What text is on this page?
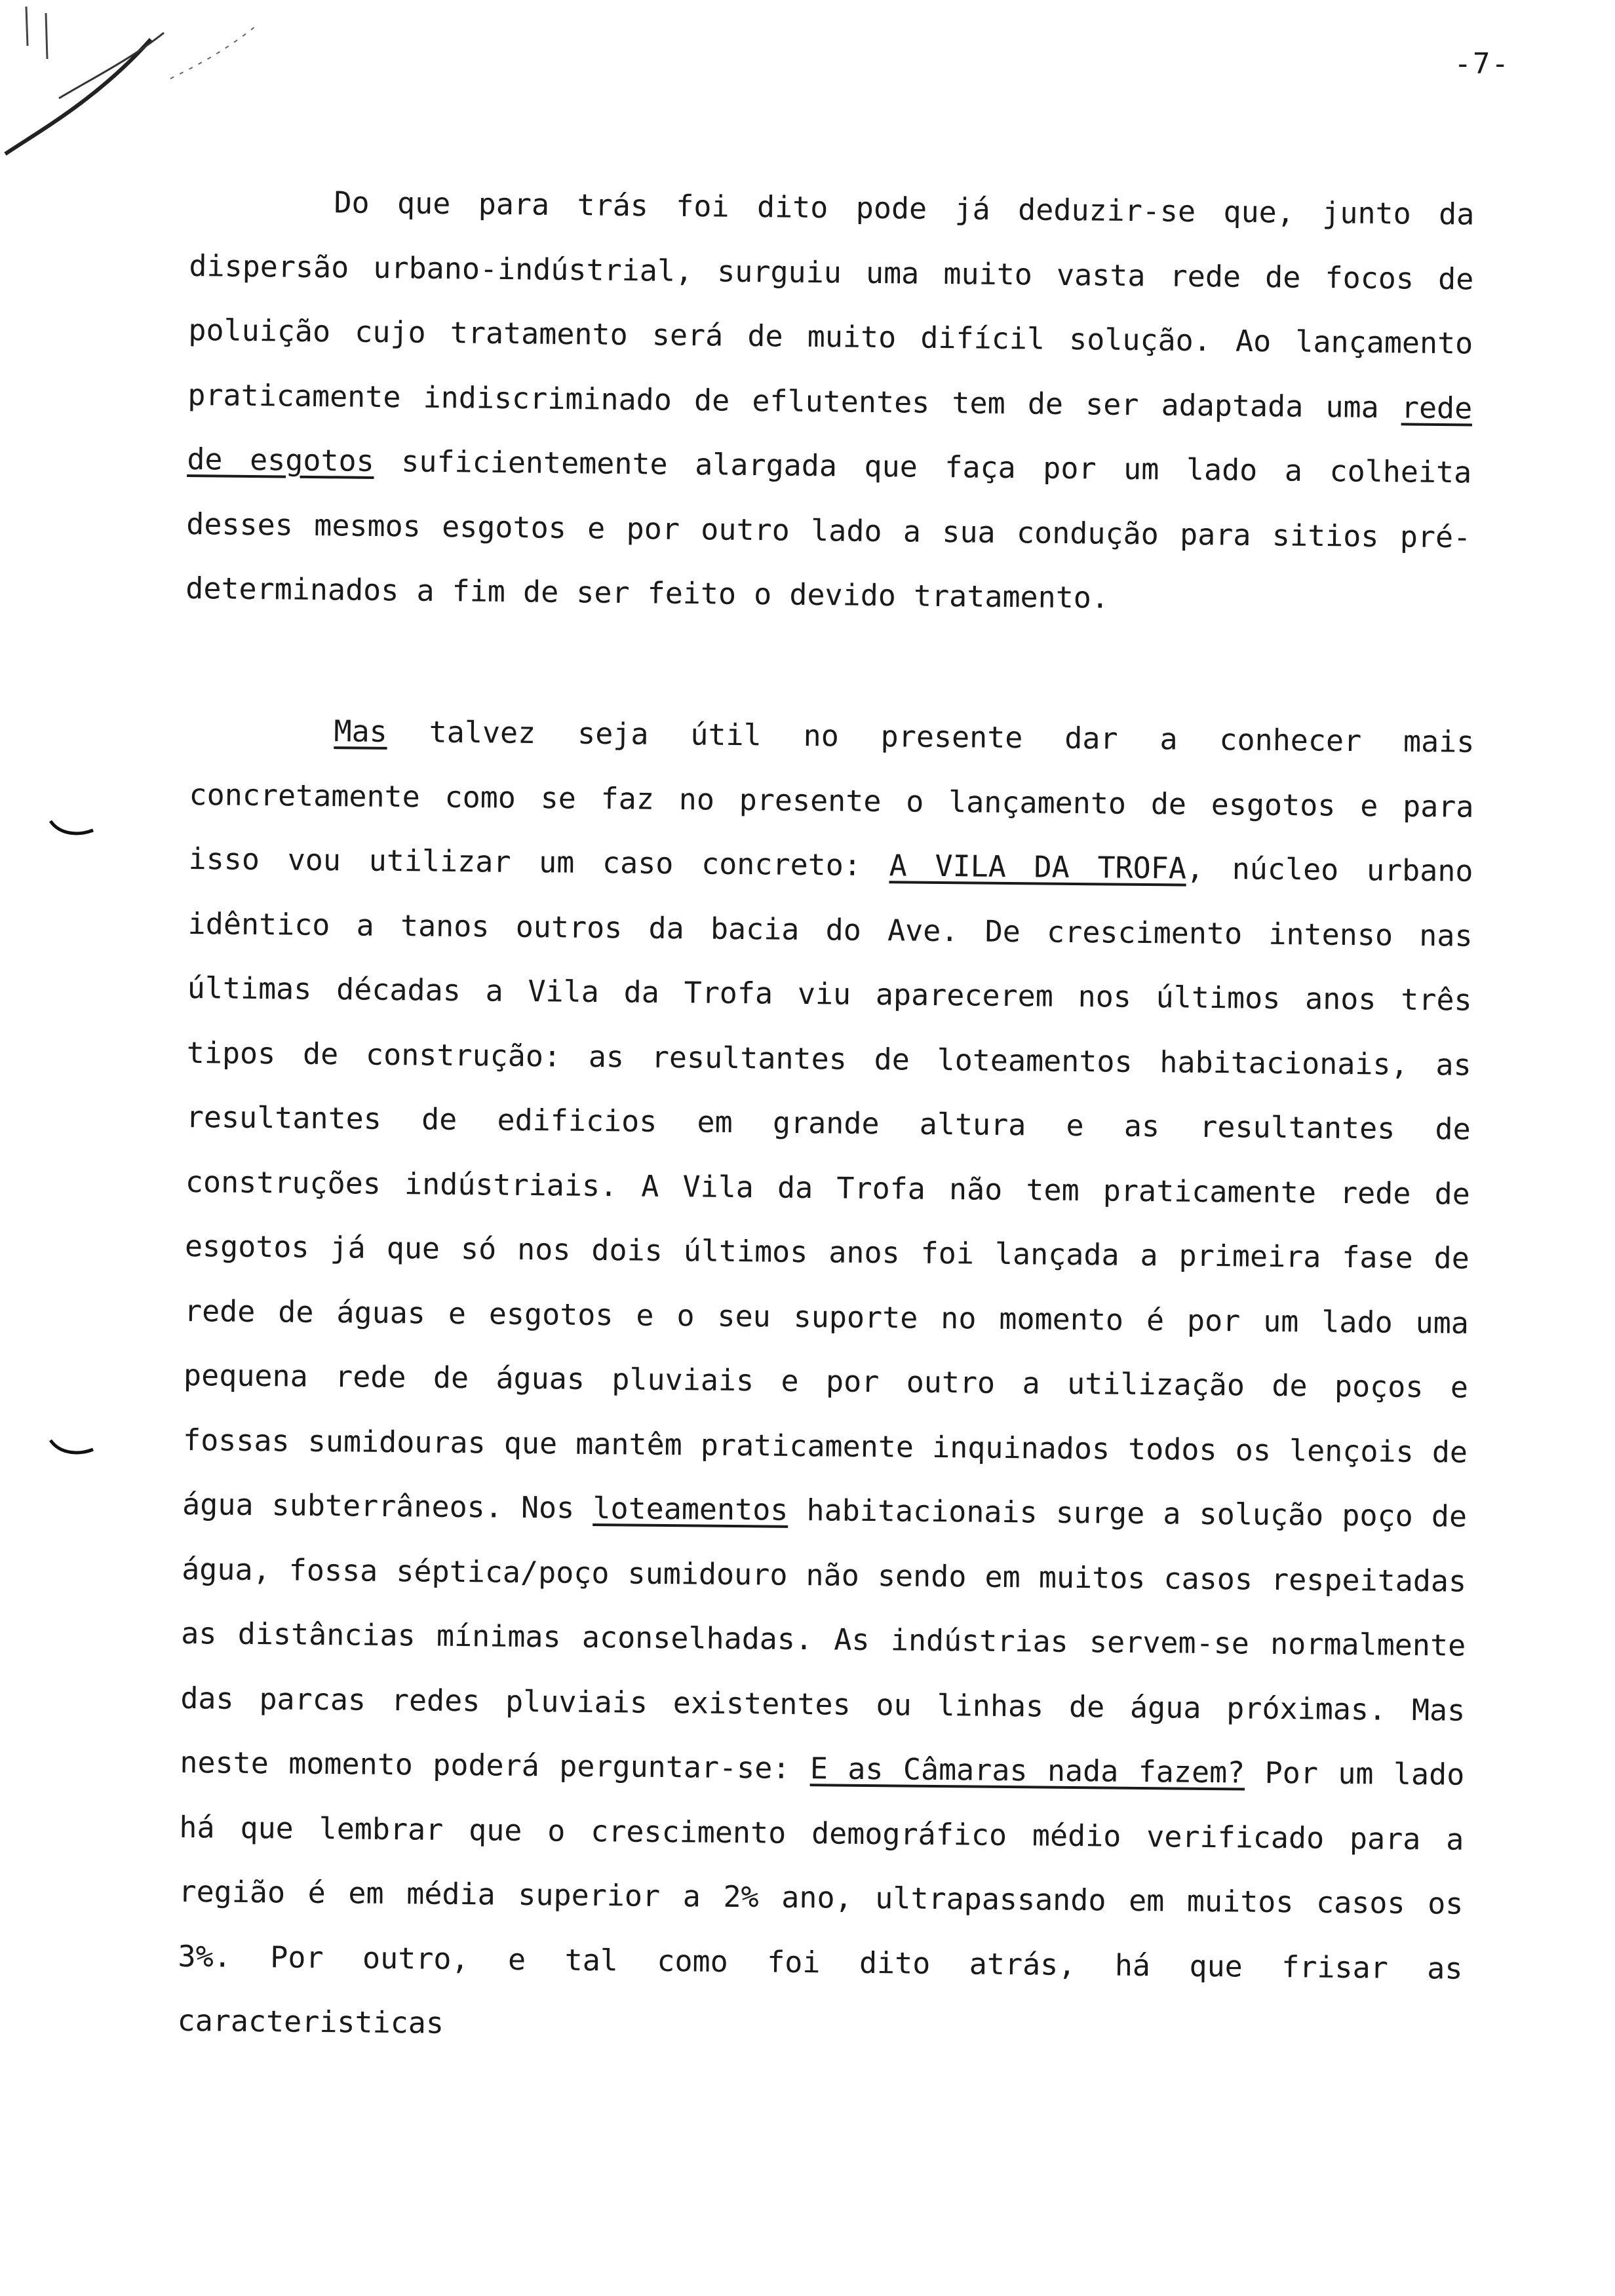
-7-

Do que para trás foi dito pode já deduzir-se que, junto da dispersão urbano-indústrial, surguiu uma muito vasta rede de focos de poluição cujo tratamento será de muito difícil solução. Ao lançamento praticamente indiscriminado de eflutentes tem de ser adaptada uma rede de esgotos suficientemente alargada que faça por um lado a colheita desses mesmos esgotos e por outro lado a sua condução para sitios pré-determinados a fim de ser feito o devido tratamento.

Mas talvez seja útil no presente dar a conhecer mais concretamente como se faz no presente o lançamento de esgotos e para isso vou utilizar um caso concreto: A VILA DA TROFA, núcleo urbano idêntico a tanos outros da bacia do Ave. De crescimento intenso nas últimas décadas a Vila da Trofa viu aparecerem nos últimos anos três tipos de construção: as resultantes de loteamentos habitacionais, as resultantes de edificios em grande altura e as resultantes de construções indústriais. A Vila da Trofa não tem praticamente rede de esgotos já que só nos dois últimos anos foi lançada a primeira fase de rede de águas e esgotos e o seu suporte no momento é por um lado uma pequena rede de águas pluviais e por outro a utilização de poços e fossas sumidouras que mantêm praticamente inquinados todos os lençois de água subterrâneos. Nos loteamentos habitacionais surge a solução poço de água, fossa séptica/poço sumidouro não sendo em muitos casos respeitadas as distâncias mínimas aconselhadas. As indústrias servem-se normalmente das parcas redes pluviais existentes ou linhas de água próximas. Mas neste momento poderá perguntar-se: E as Câmaras nada fazem? Por um lado há que lembrar que o crescimento demográfico médio verificado para a região é em média superior a 2% ano, ultrapassando em muitos casos os 3%. Por outro, e tal como foi dito atrás, há que frisar as caracteristicas
